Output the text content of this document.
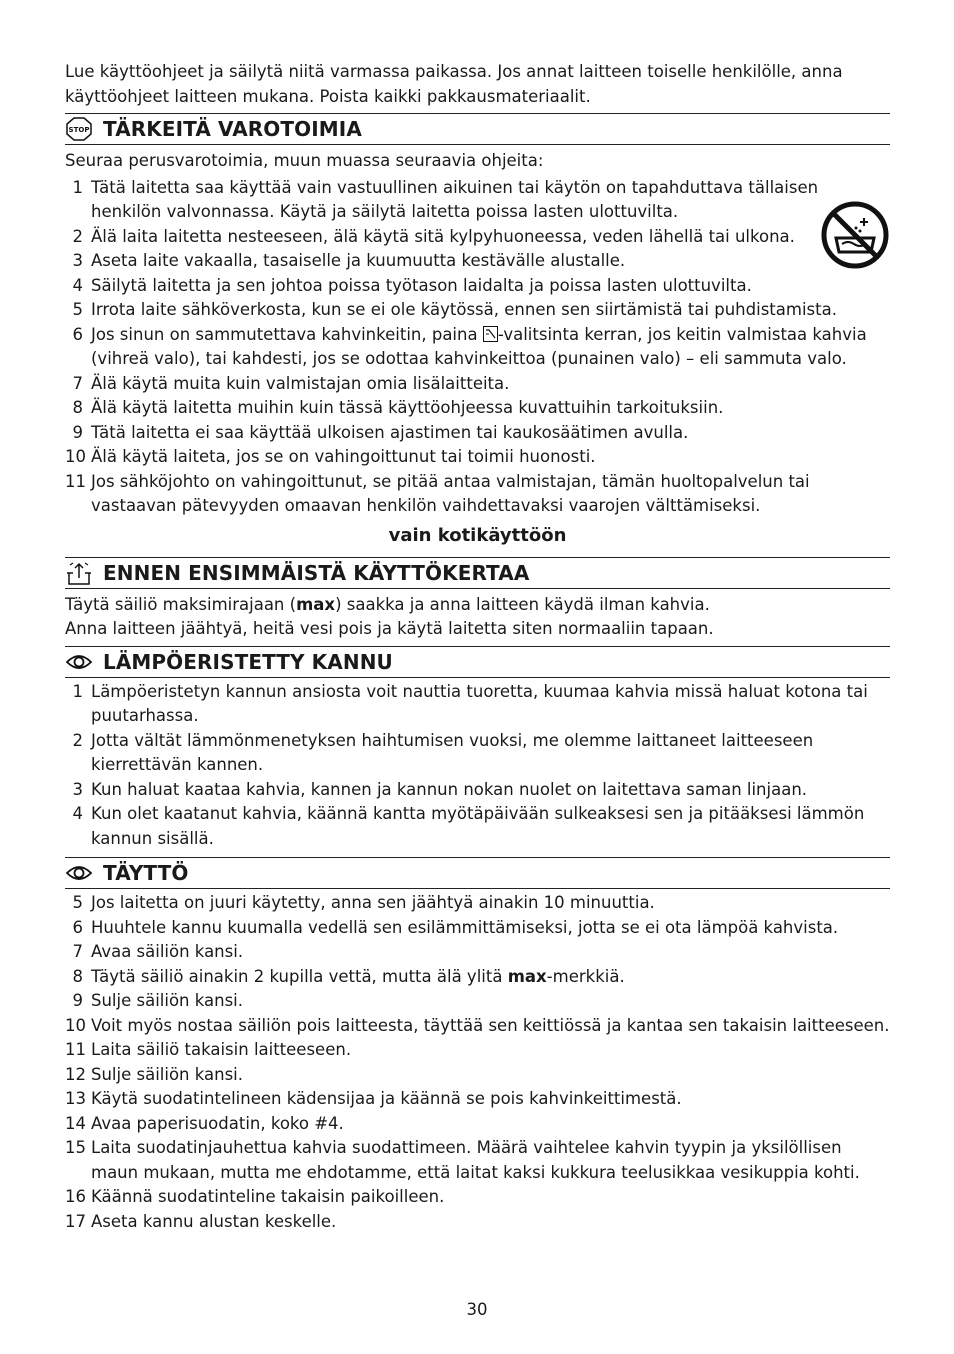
Lue käyttöohjeet ja säilytä niitä varmassa paikassa. Jos annat laitteen toiselle henkilölle, anna käyttöohjeet laitteen mukana. Poista kaikki pakkausmateriaalit.

STOP TÄRKEITÄ VAROTOIMIA

Seuraa perusvarotoimia, muun muassa seuraavia ohjeita:

1 Tätä laitetta saa käyttää vain vastuullinen aikuinen tai käytön on tapahduttava tällaisen henkilön valvonnassa. Käytä ja säilytä laitetta poissa lasten ulottuvilta.
2 Älä laita laitetta nesteeseen, älä käytä sitä kylpyhuoneessa, veden lähellä tai ulkona.
3 Aseta laite vakaalla, tasaiselle ja kuumuutta kestävälle alustalle.
4 Säilytä laitetta ja sen johtoa poissa työtason laidalta ja poissa lasten ulottuvilta.
5 Irrota laite sähköverkosta, kun se ei ole käytössä, ennen sen siirtämistä tai puhdistamista.
6 Jos sinun on sammutettava kahvinkeitin, paina -valitsinta kerran, jos keitin valmistaa kahvia (vihreä valo), tai kahdesti, jos se odottaa kahvinkeittoa (punainen valo) – eli sammuta valo.
7 Älä käytä muita kuin valmistajan omia lisälaitteita.
8 Älä käytä laitetta muihin kuin tässä käyttöohjeessa kuvattuihin tarkoituksiin.
9 Tätä laitetta ei saa käyttää ulkoisen ajastimen tai kaukosäätimen avulla.
10 Älä käytä laiteta, jos se on vahingoittunut tai toimii huonosti.
11 Jos sähköjohto on vahingoittunut, se pitää antaa valmistajan, tämän huoltopalvelun tai vastaavan pätevyyden omaavan henkilön vaihdettavaksi vaarojen välttämiseksi.
vain kotikäyttöön
ENNEN ENSIMMÄISTÄ KÄYTTÖKERTAA

Täytä säiliö maksimirajaan (max) saakka ja anna laitteen käydä ilman kahvia.

Anna laitteen jäähtyä, heitä vesi pois ja käytä laitetta siten normaaliin tapaan.

LÄMPÖERISTETTY KANNU
1 Lämpöeristetyn kannun ansiosta voit nauttia tuoretta, kuumaa kahvia missä haluat kotona tai puutarhassa.
2 Jotta vältät lämmönmenetyksen haihtumisen vuoksi, me olemme laittaneet laitteeseen kierrettävän kannen.
3 Kun haluat kaataa kahvia, kannen ja kannun nokan nuolet on laitettava saman linjaan.
4 Kun olet kaatanut kahvia, käännä kantta myötäpäivään sulkeaksesi sen ja pitääksesi lämmön kannun sisällä.
TÄYTTÖ
5 Jos laitetta on juuri käytetty, anna sen jäähtyä ainakin 10 minuuttia.
6 Huuhtele kannu kuumalla vedellä sen esilämmittämiseksi, jotta se ei ota lämpöä kahvista.
7 Avaa säiliön kansi.
8 Täytä säiliö ainakin 2 kupilla vettä, mutta älä ylitä max-merkkiä.
9 Sulje säiliön kansi.
10 Voit myös nostaa säiliön pois laitteesta, täyttää sen keittiössä ja kantaa sen takaisin laitteeseen.
11 Laita säiliö takaisin laitteeseen.
12 Sulje säiliön kansi.
13 Käytä suodatintelineen kädensijaa ja käännä se pois kahvinkeittimestä.
14 Avaa paperisuodatin, koko #4.
15 Laita suodatinjauhettua kahvia suodattimeen. Määrä vaihtelee kahvin tyypin ja yksilöllisen maun mukaan, mutta me ehdotamme, että laitat kaksi kukkura teelusikkaa vesikuppia kohti.
16 Käännä suodatinteline takaisin paikoilleen.
17 Aseta kannu alustan keskelle.
30
